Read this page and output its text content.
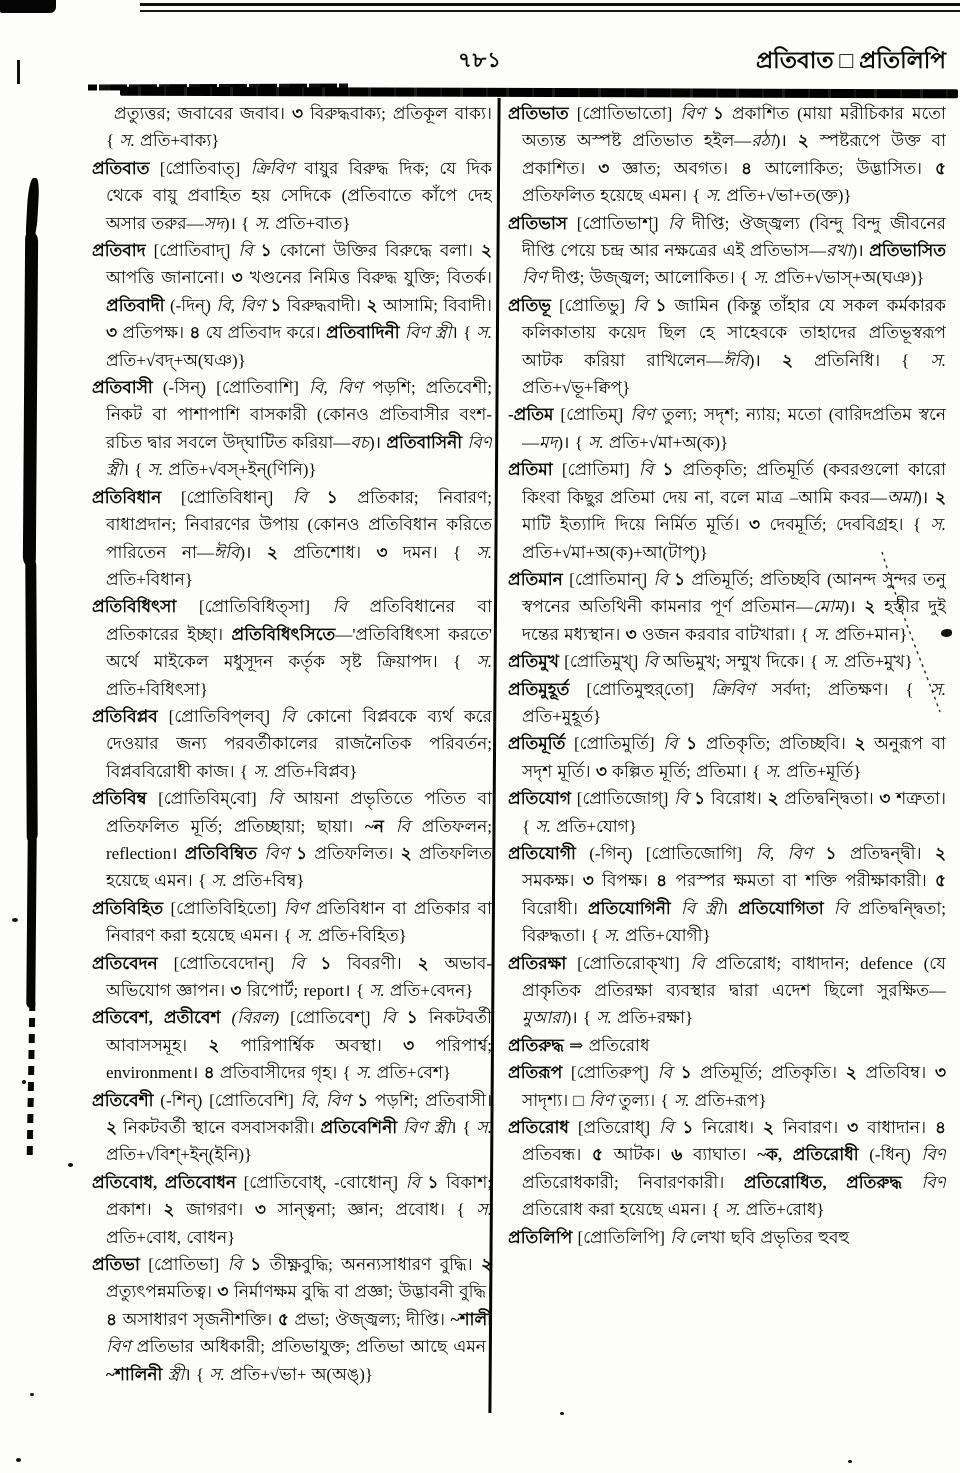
৭৮১	প্রতিবাত □ প্রতিলিপি

প্রত্যুত্তর; জবাবের জবাব। ৩ বিরুদ্ধবাক্য; প্রতিকূল বাক্য। { স. প্রতি+বাক্য}

প্রতিবাত [প্রোতিবাত্] ক্রিবিণ বায়ুর বিরুদ্ধ দিক; যে দিক থেকে বায়ু প্রবাহিত হয় সেদিকে (প্রতিবাতে কাঁপে দেহ অসার তরুর—সদ)। { স. প্রতি+বাত}

প্রতিবাদ [প্রোতিবাদ্] বি ১ কোনো উক্তির বিরুদ্ধে বলা। ২ আপত্তি জানানো। ৩ খণ্ডনের নিমিত্ত বিরুদ্ধ যুক্তি; বিতর্ক। প্রতিবাদী (-দিন্) বি, বিণ ১ বিরুদ্ধবাদী। ২ আসামি; বিবাদী। ৩ প্রতিপক্ষ। ৪ যে প্রতিবাদ করে। প্রতিবাদিনী বিণ স্ত্রী। { স. প্রতি+√বদ্+অ(ঘঞ)}

প্রতিবাসী (-সিন্) [প্রোতিবাশি] বি, বিণ পড়শি; প্রতিবেশী; নিকট বা পাশাপাশি বাসকারী (কোনও প্রতিবাসীর বংশ-রচিত দ্বার সবলে উদ্‌ঘাটিত করিয়া—বচ)। প্রতিবাসিনী বিণ স্ত্রী। { স. প্রতি+√বস্+ইন্(ণিনি)}

প্রতিবিধান [প্রোতিবিধান্] বি ১ প্রতিকার; নিবারণ; বাধাপ্রদান; নিবারণের উপায় (কোনও প্রতিবিধান করিতে পারিতেন না—ঈবি)। ২ প্রতিশোধ। ৩ দমন। { স. প্রতি+বিধান}

প্রতিবিধিৎসা [প্রোতিবিধিত্‌সা] বি প্রতিবিধানের বা প্রতিকারের ইচ্ছা। প্রতিবিধিৎসিতে—'প্রতিবিধিৎসা করতে' অর্থে মাইকেল মধুসূদন কর্তৃক সৃষ্ট ক্রিয়াপদ। { স. প্রতি+বিধিৎসা}

প্রতিবিপ্লব [প্রোতিবিপ্‌লব্] বি কোনো বিপ্লবকে ব্যর্থ করে দেওয়ার জন্য পরবর্তীকালের রাজনৈতিক পরিবর্তন; বিপ্লববিরোধী কাজ। { স. প্রতি+বিপ্লব}

প্রতিবিম্ব [প্রোতিবিম্‌বো] বি আয়না প্রভৃতিতে পতিত বা প্রতিফলিত মূর্তি; প্রতিচ্ছায়া; ছায়া। ~ন বি প্রতিফলন; reflection। প্রতিবিম্বিত বিণ ১ প্রতিফলিত। ২ প্রতিফলিত হয়েছে এমন। { স. প্রতি+বিম্ব}

প্রতিবিহিত [প্রোতিবিহিতো] বিণ প্রতিবিধান বা প্রতিকার বা নিবারণ করা হয়েছে এমন। { স. প্রতি+বিহিত}

প্রতিবেদন [প্রোতিবেদোন্] বি ১ বিবরণী। ২ অভাব-অভিযোগ জ্ঞাপন। ৩ রিপোর্ট; report। { স. প্রতি+বেদন}

প্রতিবেশ, প্রতীবেশ (বিরল) [প্রোতিবেশ্] বি ১ নিকটবর্তী আবাসসমূহ। ২ পারিপার্শ্বিক অবস্থা। ৩ পরিপার্শ্ব; environment। ৪ প্রতিবাসীদের গৃহ। { স. প্রতি+বেশ}

প্রতিবেশী (-শিন্) [প্রোতিবেশি] বি, বিণ ১ পড়শি; প্রতিবাসী। ২ নিকটবর্তী স্থানে বসবাসকারী। প্রতিবেশিনী বিণ স্ত্রী। { স. প্রতি+√বিশ্+ইন্(ইনি)}

প্রতিবোধ, প্রতিবোধন [প্রোতিবোধ্, -বোধোন্] বি ১ বিকাশ; প্রকাশ। ২ জাগরণ। ৩ সান্ত্বনা; জ্ঞান; প্রবোধ। { স. প্রতি+বোধ, বোধন}

প্রতিভা [প্রোতিভা] বি ১ তীক্ষ্ণবুদ্ধি; অনন্যসাধারণ বুদ্ধি। ২ প্রত্যুৎপন্নমতিত্ব। ৩ নির্মাণক্ষম বুদ্ধি বা প্রজ্ঞা; উদ্ভাবনী বুদ্ধি। ৪ অসাধারণ সৃজনীশক্তি। ৫ প্রভা; ঔজ্জ্বল্য; দীপ্তি। ~শালী বিণ প্রতিভার অধিকারী; প্রতিভাযুক্ত; প্রতিভা আছে এমন। ~শালিনী স্ত্রী। { স. প্রতি+√ভা+ অ(অঙ্)}

প্রতিভাত [প্রোতিভাতো] বিণ ১ প্রকাশিত (মায়া মরীচিকার মতো অত্যন্ত অস্পষ্ট প্রতিভাত হইল—রঠা)। ২ স্পষ্টরূপে উক্ত বা প্রকাশিত। ৩ জ্ঞাত; অবগত। ৪ আলোকিত; উদ্ভাসিত। ৫ প্রতিফলিত হয়েছে এমন। { স. প্রতি+√ভা+ত(ক্ত)}

প্রতিভাস [প্রোতিভাশ্] বি দীপ্তি; ঔজ্জ্বল্য (বিন্দু বিন্দু জীবনের দীপ্তি পেয়ে চন্দ্র আর নক্ষত্রের এই প্রতিভাস—রখা)। প্রতিভাসিত বিণ দীপ্ত; উজ্জ্বল; আলোকিত। { স. প্রতি+√ভাস্+অ(ঘঞ)}

প্রতিভূ [প্রোতিভু] বি ১ জামিন (কিন্তু তাঁহার যে সকল কর্মকারক কলিকাতায় কয়েদ ছিল হে সাহেবকে তাহাদের প্রতিভূস্বরূপ আটক করিয়া রাখিলেন—ঈবি)। ২ প্রতিনিধি। { স. প্রতি+√ভূ+ক্বিপ্}

-প্রতিম [প্রোতিম্] বিণ তুল্য; সদৃশ; ন্যায়; মতো (বারিদপ্রতিম স্বনে—মদ)। { স. প্রতি+√মা+অ(ক)}

প্রতিমা [প্রোতিমা] বি ১ প্রতিকৃতি; প্রতিমূর্তি (কবরগুলো কারো কিংবা কিছুর প্রতিমা দেয় না, বলে মাত্র –আমি কবর—অমা)। ২ মাটি ইত্যাদি দিয়ে নির্মিত মূর্তি। ৩ দেবমূর্তি; দেববিগ্রহ। { স. প্রতি+√মা+অ(ক)+আ(টাপ্)}

প্রতিমান [প্রোতিমান্] বি ১ প্রতিমূর্তি; প্রতিচ্ছবি (আনন্দ সুন্দর তনু স্বপনের অতিথিনী কামনার পূর্ণ প্রতিমান—মোম)। ২ হস্তীর দুই দন্তের মধ্যস্থান। ৩ ওজন করবার বাটখারা। { স. প্রতি+মান}

প্রতিমুখ [প্রোতিমুখ্] বি অভিমুখ; সম্মুখ দিকে। { স. প্রতি+মুখ}

প্রতিমুহূর্ত [প্রোতিমুহুর্‌তো] ক্রিবিণ সর্বদা; প্রতিক্ষণ। { স. প্রতি+মুহূর্ত}

প্রতিমূর্তি [প্রোতিমুর্তি] বি ১ প্রতিকৃতি; প্রতিচ্ছবি। ২ অনুরূপ বা সদৃশ মূর্তি। ৩ কল্পিত মূর্তি; প্রতিমা। { স. প্রতি+মূর্তি}

প্রতিযোগ [প্রোতিজোগ্] বি ১ বিরোধ। ২ প্রতিদ্বন্দ্বিতা। ৩ শত্রুতা। { স. প্রতি+যোগ}

প্রতিযোগী (-গিন্) [প্রোতিজোগি] বি, বিণ ১ প্রতিদ্বন্দ্বী। ২ সমকক্ষ। ৩ বিপক্ষ। ৪ পরস্পর ক্ষমতা বা শক্তি পরীক্ষাকারী। ৫ বিরোধী। প্রতিযোগিনী বি স্ত্রী। প্রতিযোগিতা বি প্রতিদ্বন্দ্বিতা; বিরুদ্ধতা। { স. প্রতি+যোগী}

প্রতিরক্ষা [প্রোতিরোক্‌খা] বি প্রতিরোধ; বাধাদান; defence (যে প্রাকৃতিক প্রতিরক্ষা ব্যবস্থার দ্বারা এদেশ ছিলো সুরক্ষিত—মুআরা)। { স. প্রতি+রক্ষা}

প্রতিরুদ্ধ ⇒ প্রতিরোধ

প্রতিরূপ [প্রোতিরুপ্] বি ১ প্রতিমূর্তি; প্রতিকৃতি। ২ প্রতিবিম্ব। ৩ সাদৃশ্য। □ বিণ তুল্য। { স. প্রতি+রূপ}

প্রতিরোধ [প্রতিরোধ্] বি ১ নিরোধ। ২ নিবারণ। ৩ বাধাদান। ৪ প্রতিবন্ধ। ৫ আটক। ৬ ব্যাঘাত। ~ক, প্রতিরোধী (-ধিন্) বিণ প্রতিরোধকারী; নিবারণকারী। প্রতিরোধিত, প্রতিরুদ্ধ বিণ প্রতিরোধ করা হয়েছে এমন। { স. প্রতি+রোধ}

প্রতিলিপি [প্রোতিলিপি] বি লেখা ছবি প্রভৃতির হুবহু
